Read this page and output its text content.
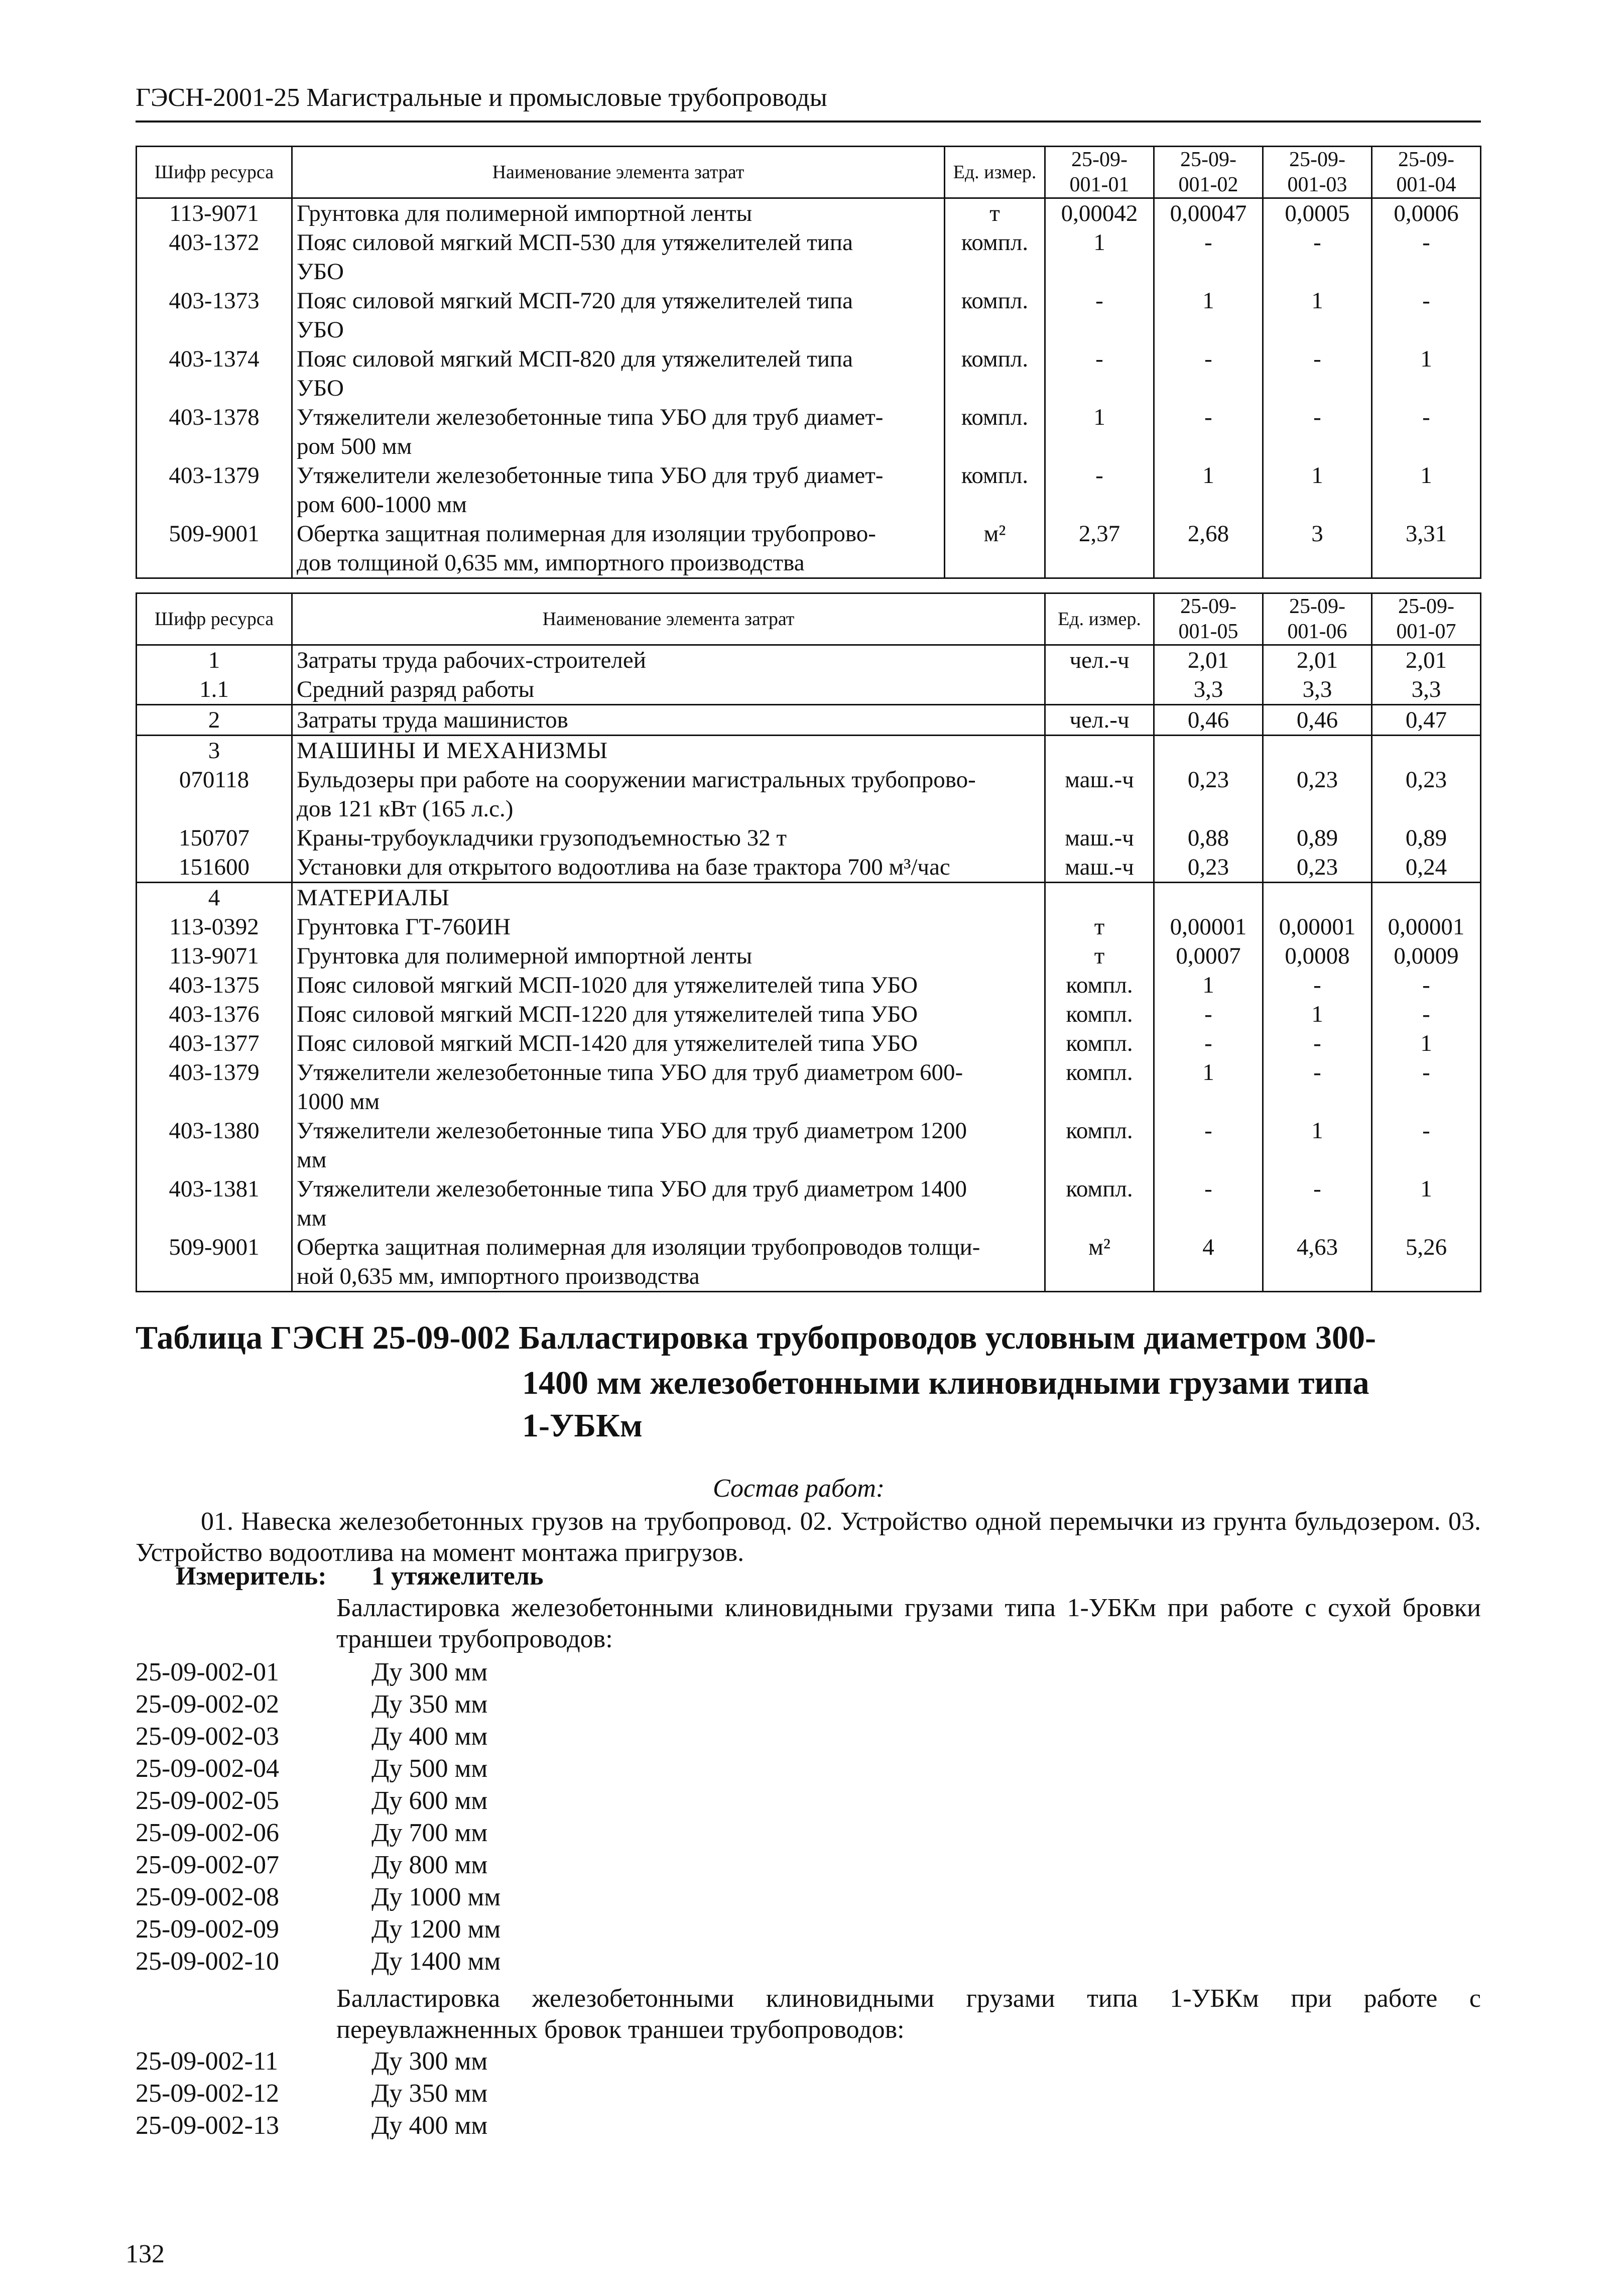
ГЭСН-2001-25 Магистральные и промысловые трубопроводы
Шифр ресурса	Наименование элемента затрат	Ед. измер.	25-09-
001-01	25-09-
001-02	25-09-
001-03	25-09-
001-04
113-9071	Грунтовка для полимерной импортной ленты	т	0,00042	0,00047	0,0005	0,0006
403-1372	Пояс силовой мягкий МСП-530 для утяжелителей типа
УБО	компл.	1	-	-	-
403-1373	Пояс силовой мягкий МСП-720 для утяжелителей типа
УБО	компл.	-	1	1	-
403-1374	Пояс силовой мягкий МСП-820 для утяжелителей типа
УБО	компл.	-	-	-	1
403-1378	Утяжелители железобетонные типа УБО для труб диамет-
ром 500 мм	компл.	1	-	-	-
403-1379	Утяжелители железобетонные типа УБО для труб диамет-
ром 600-1000 мм	компл.	-	1	1	1
509-9001	Обертка защитная полимерная для изоляции трубопрово-
дов толщиной 0,635 мм, импортного производства	м²	2,37	2,68	3	3,31
Шифр ресурса	Наименование элемента затрат	Ед. измер.	25-09-
001-05	25-09-
001-06	25-09-
001-07
1	Затраты труда рабочих-строителей	чел.-ч	2,01	2,01	2,01
1.1	Средний разряд работы		3,3	3,3	3,3
2	Затраты труда машинистов	чел.-ч	0,46	0,46	0,47
3	МАШИНЫ И МЕХАНИЗМЫ				

070118	Бульдозеры при работе на сооружении магистральных трубопрово-
дов 121 кВт (165 л.с.)	маш.-ч	0,23	0,23	0,23
150707	Краны-трубоукладчики грузоподъемностью 32 т	маш.-ч	0,88	0,89	0,89
151600	Установки для открытого водоотлива на базе трактора 700 м³/час	маш.-ч	0,23	0,23	0,24
4	МАТЕРИАЛЫ				

113-0392	Грунтовка ГТ-760ИН	т	0,00001	0,00001	0,00001
113-9071	Грунтовка для полимерной импортной ленты	т	0,0007	0,0008	0,0009
403-1375	Пояс силовой мягкий МСП-1020 для утяжелителей типа УБО	компл.	1	-	-
403-1376	Пояс силовой мягкий МСП-1220 для утяжелителей типа УБО	компл.	-	1	-
403-1377	Пояс силовой мягкий МСП-1420 для утяжелителей типа УБО	компл.	-	-	1
403-1379	Утяжелители железобетонные типа УБО для труб диаметром 600-
1000 мм	компл.	1	-	-
403-1380	Утяжелители железобетонные типа УБО для труб диаметром 1200
мм	компл.	-	1	-
403-1381	Утяжелители железобетонные типа УБО для труб диаметром 1400
мм	компл.	-	-	1
509-9001	Обертка защитная полимерная для изоляции трубопроводов толщи-
ной 0,635 мм, импортного производства	м²	4	4,63	5,26
Таблица ГЭСН 25-09-002 Балластировка трубопроводов условным диаметром 300-
1400 мм железобетонными клиновидными грузами типа
1-УБКм
Состав работ:
01. Навеска железобетонных грузов на трубопровод. 02. Устройство одной перемычки из грунта бульдозером. 03. Устройство водоотлива на момент монтажа пригрузов.
Измеритель: 1 утяжелитель
Балластировка железобетонными клиновидными грузами типа 1-УБКм при работе с сухой бровки траншеи трубопроводов:
25-09-002-01	Ду 300 мм
25-09-002-02	Ду 350 мм
25-09-002-03	Ду 400 мм
25-09-002-04	Ду 500 мм
25-09-002-05	Ду 600 мм
25-09-002-06	Ду 700 мм
25-09-002-07	Ду 800 мм
25-09-002-08	Ду 1000 мм
25-09-002-09	Ду 1200 мм
25-09-002-10	Ду 1400 мм
Балластировка железобетонными клиновидными грузами типа 1-УБКм при работе с переувлажненных бровок траншеи трубопроводов:
25-09-002-11	Ду 300 мм
25-09-002-12	Ду 350 мм
25-09-002-13	Ду 400 мм
132
